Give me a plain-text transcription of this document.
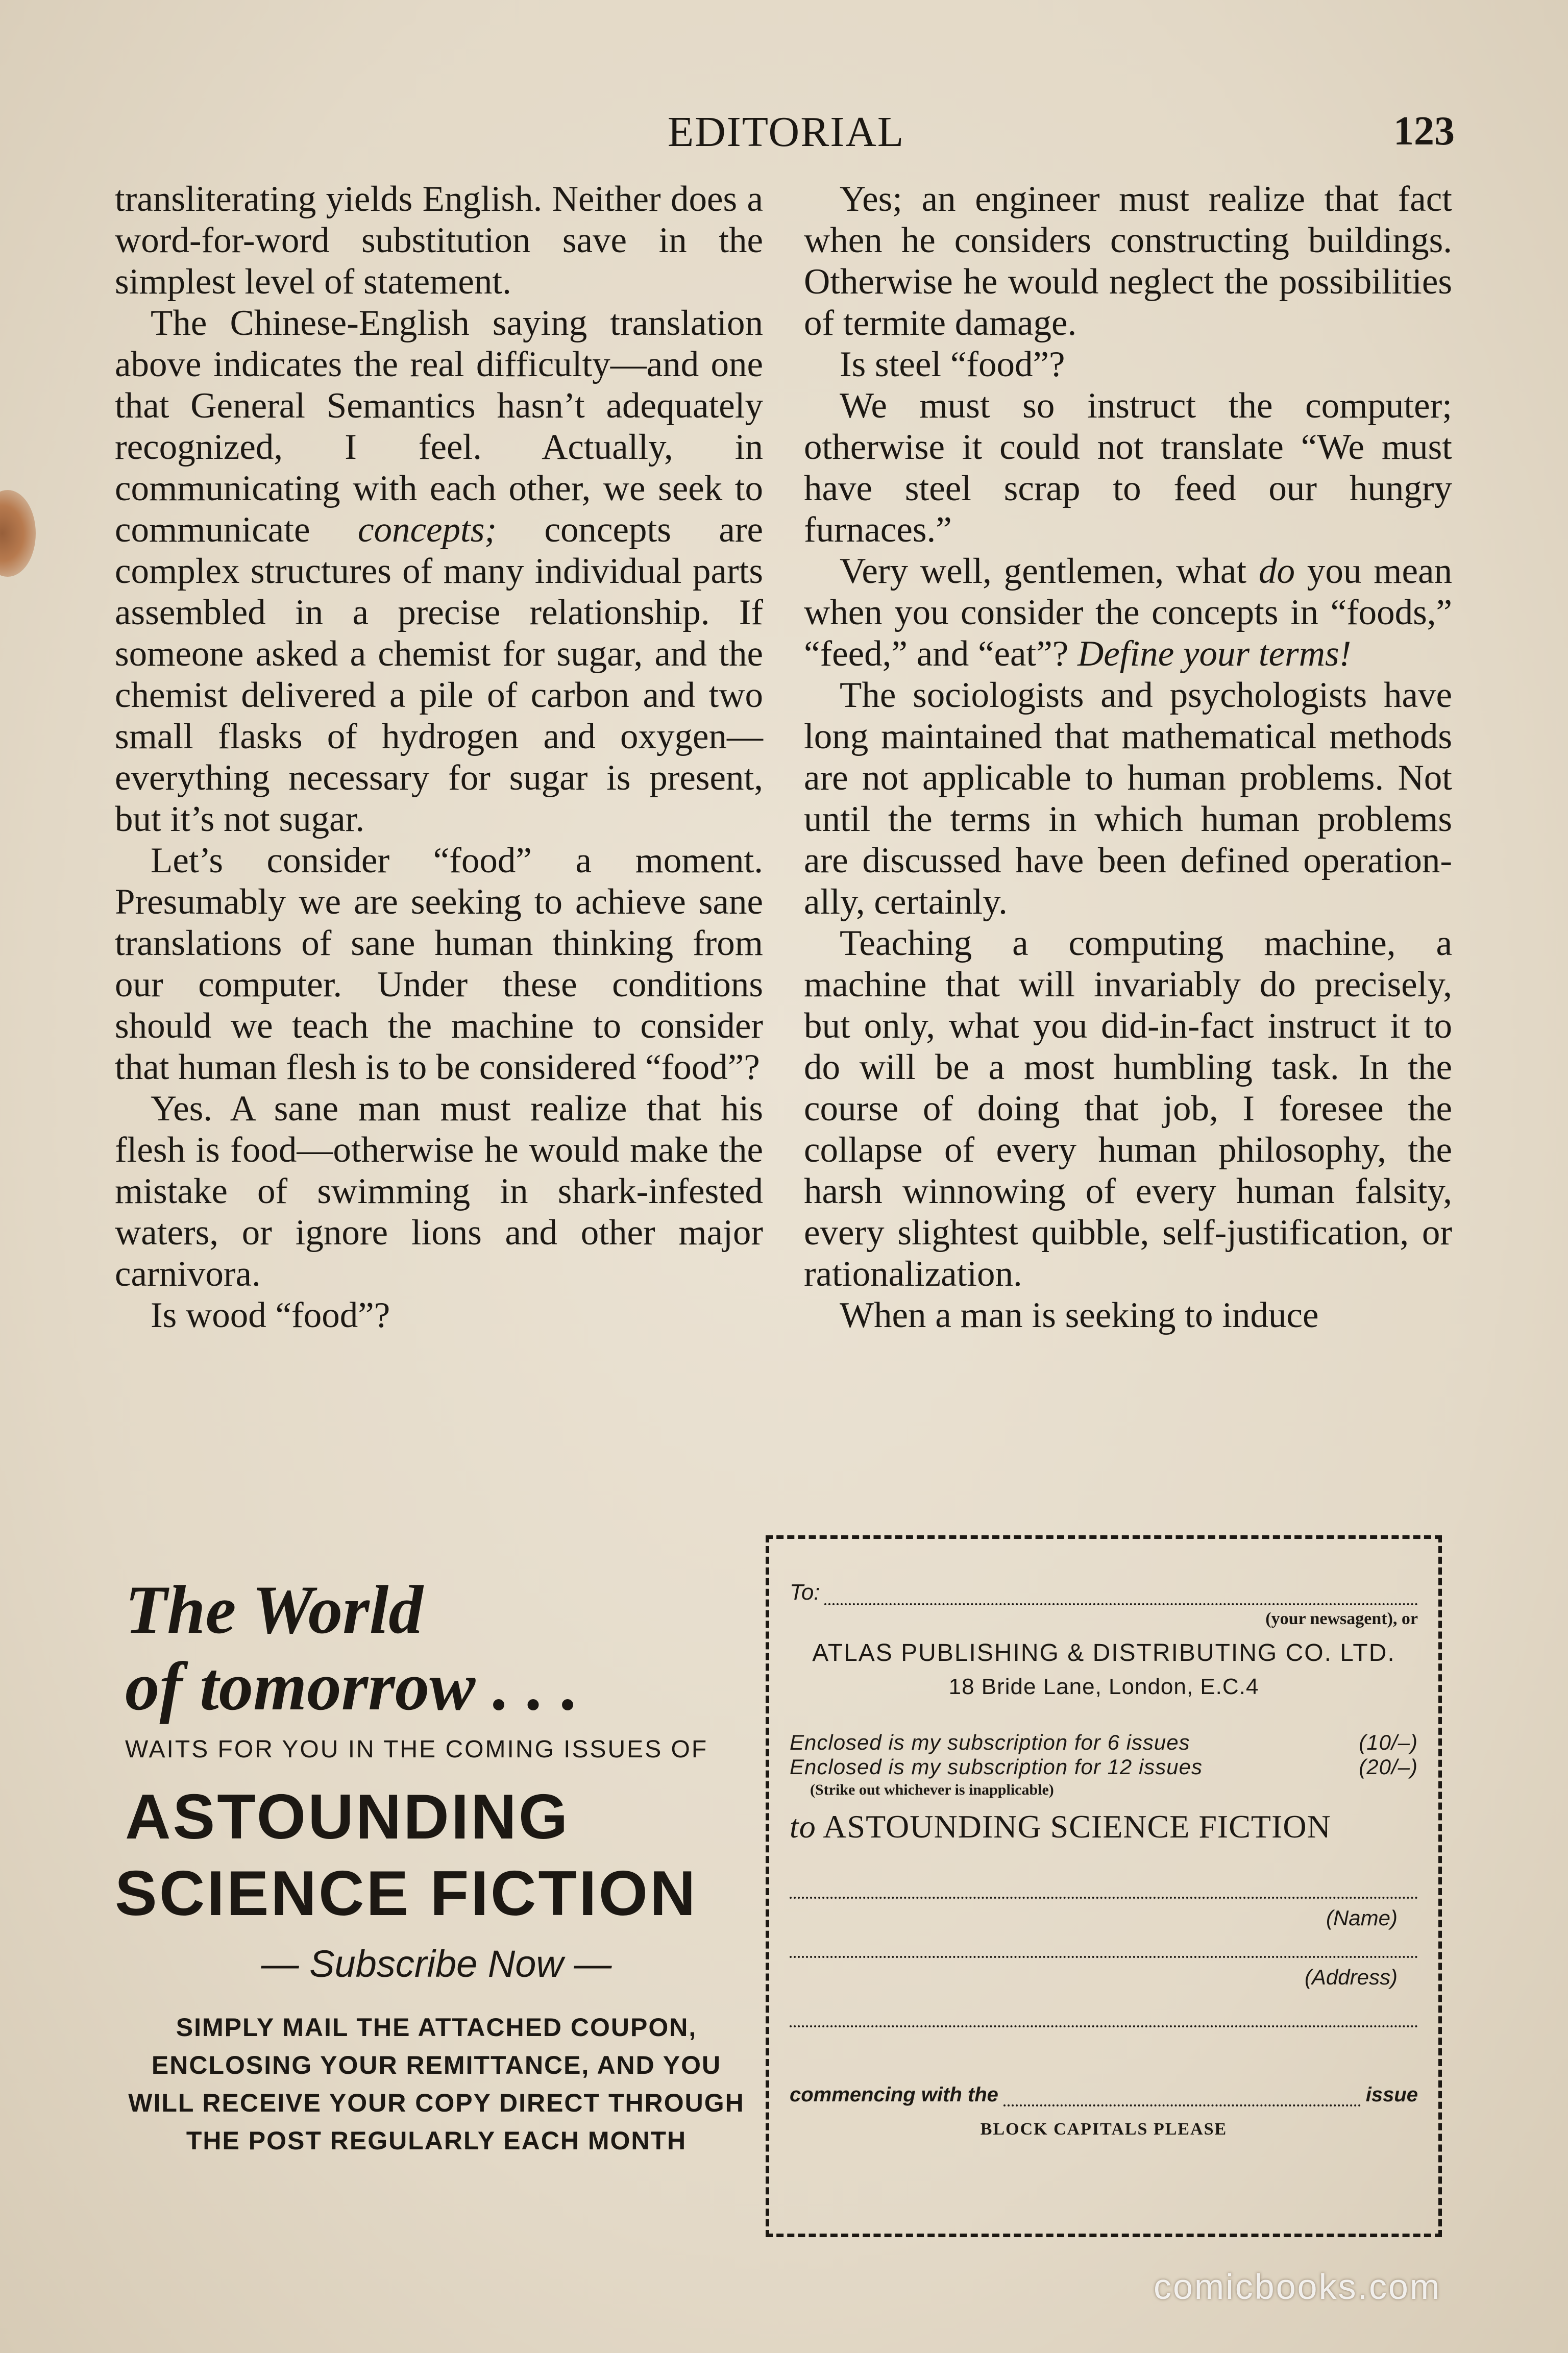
EDITORIAL	123

transliterating yields English. Neither does a word-for-word substitution save in the simplest level of statement.

The Chinese-English saying translation above indicates the real difficulty—and one that General Semantics hasn’t adequately recognized, I feel. Actually, in communicating with each other, we seek to communicate concepts; concepts are complex structures of many individual parts assembled in a precise relationship. If someone asked a chemist for sugar, and the chemist delivered a pile of carbon and two small flasks of hydrogen and oxygen—everything necessary for sugar is present, but it’s not sugar.

Let’s consider “food” a moment. Presumably we are seeking to achieve sane translations of sane human thinking from our computer. Under these conditions should we teach the machine to consider that human flesh is to be considered “food”?

Yes. A sane man must realize that his flesh is food—otherwise he would make the mistake of swimming in shark-infested waters, or ignore lions and other major carnivora.

Is wood “food”?

Yes; an engineer must realize that fact when he considers constructing buildings. Otherwise he would neglect the possibilities of termite damage.

Is steel “food”?

We must so instruct the computer; otherwise it could not translate “We must have steel scrap to feed our hungry furnaces.”

Very well, gentlemen, what do you mean when you consider the concepts in “foods,” “feed,” and “eat”? Define your terms!

The sociologists and psychologists have long maintained that mathematical methods are not applicable to human problems. Not until the terms in which human problems are discussed have been defined operationally, certainly.

Teaching a computing machine, a machine that will invariably do precisely, but only, what you did-in-fact instruct it to do will be a most humbling task. In the course of doing that job, I foresee the collapse of every human philosophy, the harsh winnowing of every human falsity, every slightest quibble, self-justification, or rationalization.

When a man is seeking to induce

The World
of tomorrow . . .
WAITS FOR YOU IN THE COMING ISSUES OF
ASTOUNDING
SCIENCE FICTION
— Subscribe Now —
SIMPLY MAIL THE ATTACHED COUPON,
ENCLOSING YOUR REMITTANCE, AND YOU
WILL RECEIVE YOUR COPY DIRECT THROUGH
THE POST REGULARLY EACH MONTH
To:
(your newsagent), or
ATLAS PUBLISHING & DISTRIBUTING CO. LTD.
18 Bride Lane, London, E.C.4
Enclosed is my subscription for 6 issues	(10/–)
Enclosed is my subscription for 12 issues	(20/–)
(Strike out whichever is inapplicable)
to ASTOUNDING SCIENCE FICTION
(Name)
(Address)
commencing with the	issue
BLOCK CAPITALS PLEASE
comicbooks.com
